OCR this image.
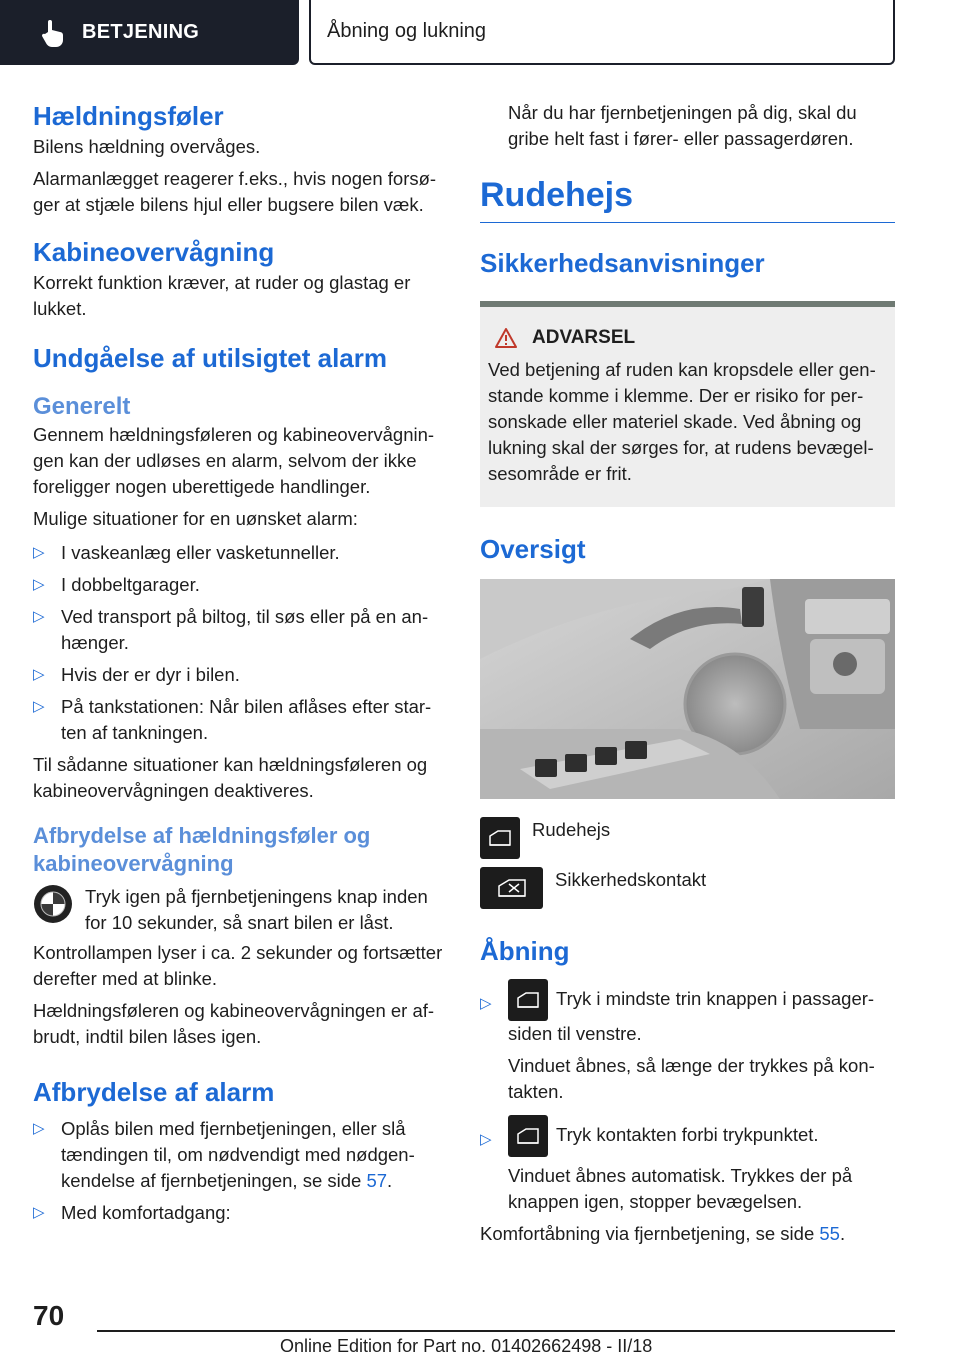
BETJENING	Åbning og lukning
Hældningsføler

Bilens hældning overvåges.

Alarmanlægget reagerer f.eks., hvis nogen forsøger at stjæle bilens hjul eller bugsere bilen væk.

Kabineovervågning

Korrekt funktion kræver, at ruder og glastag er lukket.

Undgåelse af utilsigtet alarm
Generelt

Gennem hældningsføleren og kabineovervågningen kan der udløses en alarm, selvom der ikke foreligger nogen uberettigede handlinger.

Mulige situationer for en uønsket alarm:

▷ I vaskeanlæg eller vasketunneller.
▷ I dobbeltgarager.
▷ Ved transport på biltog, til søs eller på en anhænger.
▷ Hvis der er dyr i bilen.
▷ På tankstationen: Når bilen aflåses efter starten af tankningen.

Til sådanne situationer kan hældningsføleren og kabineovervågningen deaktiveres.

Afbrydelse af hældningsføler og kabineovervågning

Tryk igen på fjernbetjeningens knap inden for 10 sekunder, så snart bilen er låst.

Kontrollampen lyser i ca. 2 sekunder og fortsætter derefter med at blinke.

Hældningsføleren og kabineovervågningen er afbrudt, indtil bilen låses igen.

Afbrydelse af alarm
▷ Oplås bilen med fjernbetjeningen, eller slå tændingen til, om nødvendigt med nødgenkendelse af fjernbetjeningen, se side 57.
▷ Med komfortadgang:

Når du har fjernbetjeningen på dig, skal du gribe helt fast i fører- eller passagerdøren.

Rudehejs
Sikkerhedsanvisninger
ADVARSEL

Ved betjening af ruden kan kropsdele eller genstande komme i klemme. Der er risiko for personskade eller materiel skade. Ved åbning og lukning skal der sørges for, at rudens bevægelsesområde er frit.

Oversigt
Rudehejs
Sikkerhedskontakt
Åbning
▷	Tryk i mindste trin knappen i passagersiden til venstre.

Vinduet åbnes, så længe der trykkes på kontakten.

▷	Tryk kontakten forbi trykpunktet.

Vinduet åbnes automatisk. Trykkes der på knappen igen, stopper bevægelsen.

Komfortåbning via fjernbetjening, se side 55.

70
Online Edition for Part no. 01402662498 - II/18
